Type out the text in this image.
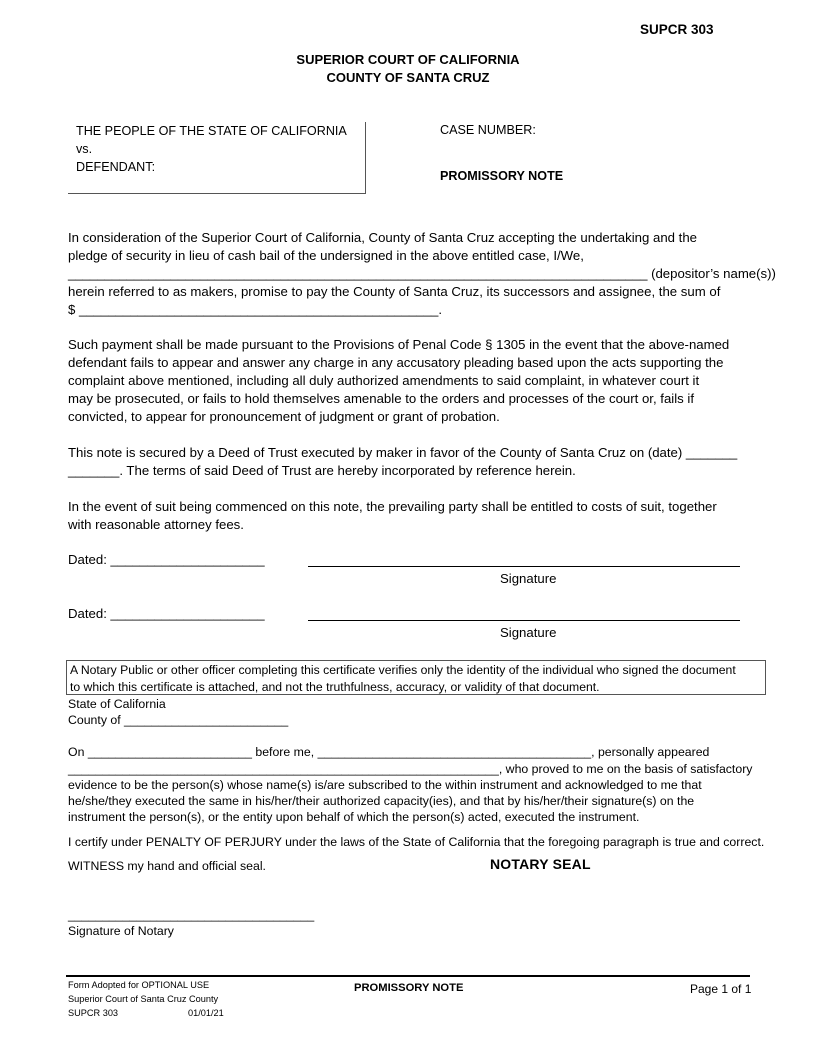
SUPCR 303
SUPERIOR COURT OF CALIFORNIA
COUNTY OF SANTA CRUZ
THE PEOPLE OF THE STATE OF CALIFORNIA
vs.
DEFENDANT:
CASE NUMBER:
PROMISSORY NOTE
In consideration of the Superior Court of California, County of Santa Cruz accepting the undertaking and the
pledge of security in lieu of cash bail of the undersigned in the above entitled case, I/We,
_______________________________________________________________________________ (depositor’s name(s))
herein referred to as makers, promise to pay the County of Santa Cruz, its successors and assignee, the sum of
$ _________________________________________________.
Such payment shall be made pursuant to the Provisions of Penal Code § 1305 in the event that the above-named
defendant fails to appear and answer any charge in any accusatory pleading based upon the acts supporting the
complaint above mentioned, including all duly authorized amendments to said complaint, in whatever court it
may be prosecuted, or fails to hold themselves amenable to the orders and processes of the court or, fails if
convicted, to appear for pronouncement of judgment or grant of probation.
This note is secured by a Deed of Trust executed by maker in favor of the County of Santa Cruz on (date) _______
_______. The terms of said Deed of Trust are hereby incorporated by reference herein.
In the event of suit being commenced on this note, the prevailing party shall be entitled to costs of suit, together
with reasonable attorney fees.
Dated: _____________________
Signature
Dated: _____________________
Signature
A Notary Public or other officer completing this certificate verifies only the identity of the individual who signed the document
to which this certificate is attached, and not the truthfulness, accuracy, or validity of that document.
State of California
County of ________________________
On ________________________ before me, ________________________________________, personally appeared
_______________________________________________________________, who proved to me on the basis of satisfactory
evidence to be the person(s) whose name(s) is/are subscribed to the within instrument and acknowledged to me that
he/she/they executed the same in his/her/their authorized capacity(ies), and that by his/her/their signature(s) on the
instrument the person(s), or the entity upon behalf of which the person(s) acted, executed the instrument.
I certify under PENALTY OF PERJURY under the laws of the State of California that the foregoing paragraph is true and correct.
WITNESS my hand and official seal.	NOTARY SEAL
____________________________________
Signature of Notary
Form Adopted for OPTIONAL USE
Superior Court of Santa Cruz County
SUPCR 303	01/01/21
PROMISSORY NOTE	Page 1 of 1
